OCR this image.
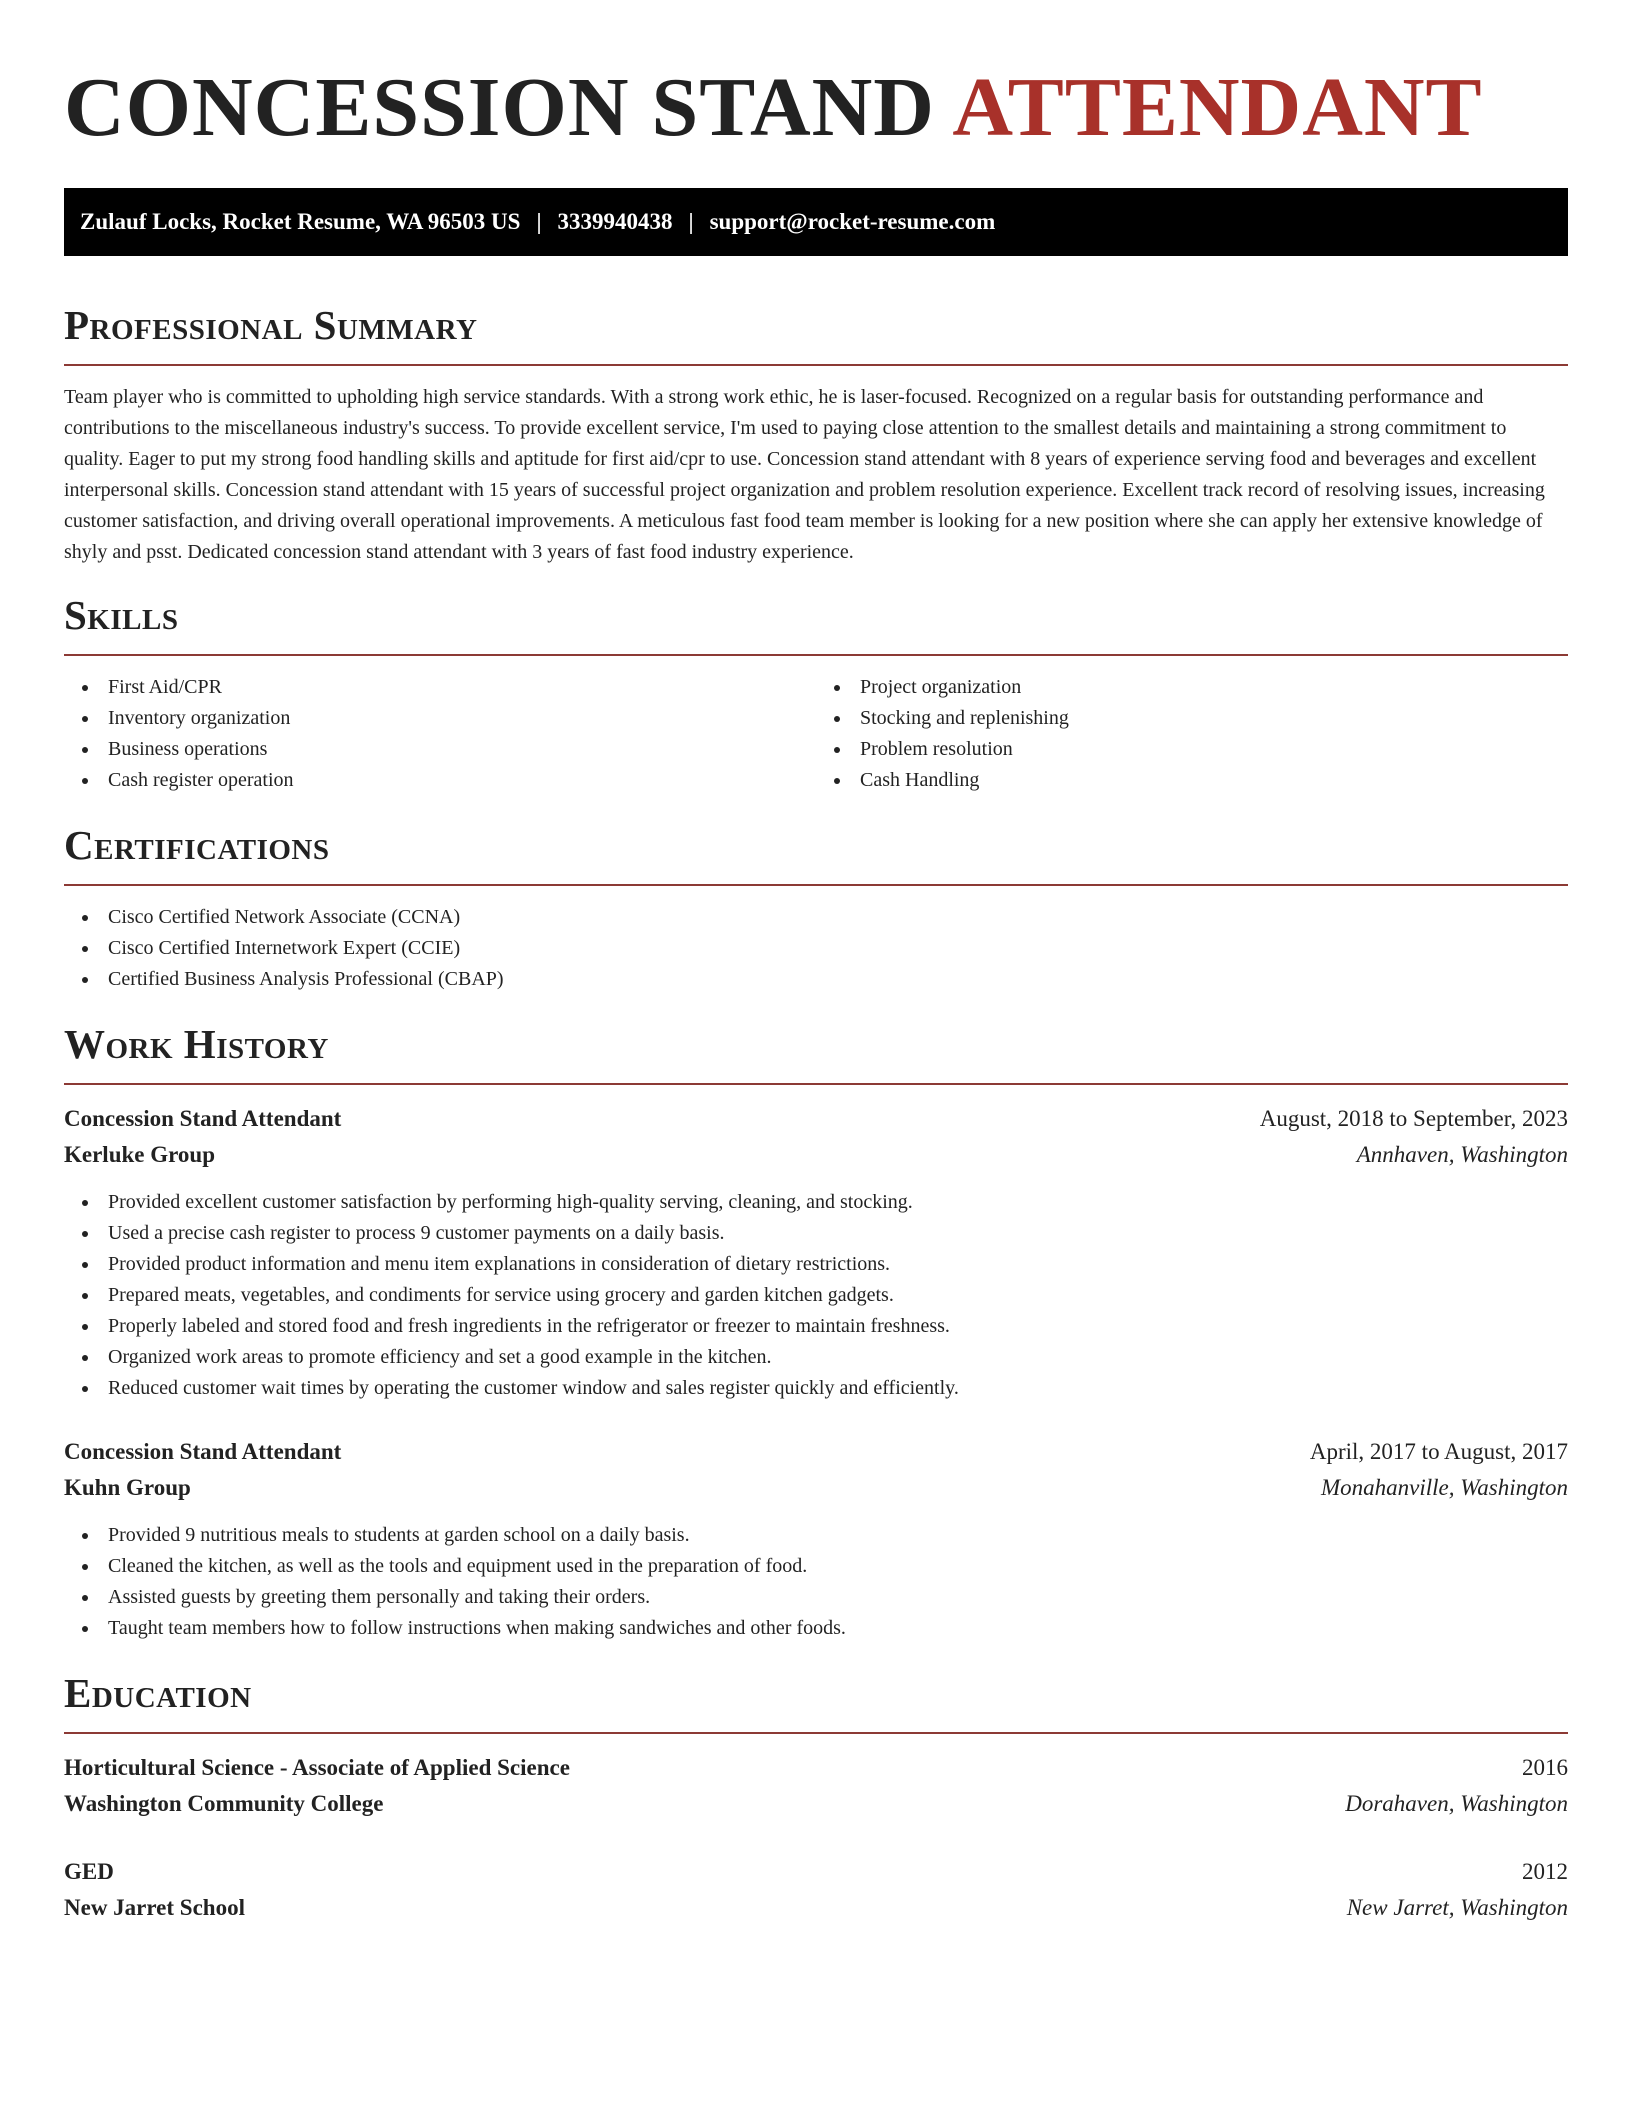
CONCESSION STAND ATTENDANT
Zulauf Locks, Rocket Resume, WA 96503 US | 3339940438 | support@rocket-resume.com
Professional Summary

Team player who is committed to upholding high service standards. With a strong work ethic, he is laser-focused. Recognized on a regular basis for outstanding performance and contributions to the miscellaneous industry's success. To provide excellent service, I'm used to paying close attention to the smallest details and maintaining a strong commitment to quality. Eager to put my strong food handling skills and aptitude for first aid/cpr to use. Concession stand attendant with 8 years of experience serving food and beverages and excellent interpersonal skills. Concession stand attendant with 15 years of successful project organization and problem resolution experience. Excellent track record of resolving issues, increasing customer satisfaction, and driving overall operational improvements. A meticulous fast food team member is looking for a new position where she can apply her extensive knowledge of shyly and psst. Dedicated concession stand attendant with 3 years of fast food industry experience.

Skills
First Aid/CPR
Inventory organization
Business operations
Cash register operation
Project organization
Stocking and replenishing
Problem resolution
Cash Handling
Certifications
Cisco Certified Network Associate (CCNA)
Cisco Certified Internetwork Expert (CCIE)
Certified Business Analysis Professional (CBAP)
Work History
Concession Stand Attendant	August, 2018 to September, 2023
Kerluke Group	Annhaven, Washington
Provided excellent customer satisfaction by performing high-quality serving, cleaning, and stocking.
Used a precise cash register to process 9 customer payments on a daily basis.
Provided product information and menu item explanations in consideration of dietary restrictions.
Prepared meats, vegetables, and condiments for service using grocery and garden kitchen gadgets.
Properly labeled and stored food and fresh ingredients in the refrigerator or freezer to maintain freshness.
Organized work areas to promote efficiency and set a good example in the kitchen.
Reduced customer wait times by operating the customer window and sales register quickly and efficiently.
Concession Stand Attendant	April, 2017 to August, 2017
Kuhn Group	Monahanville, Washington
Provided 9 nutritious meals to students at garden school on a daily basis.
Cleaned the kitchen, as well as the tools and equipment used in the preparation of food.
Assisted guests by greeting them personally and taking their orders.
Taught team members how to follow instructions when making sandwiches and other foods.
Education
Horticultural Science - Associate of Applied Science	2016
Washington Community College	Dorahaven, Washington
GED	2012
New Jarret School	New Jarret, Washington
